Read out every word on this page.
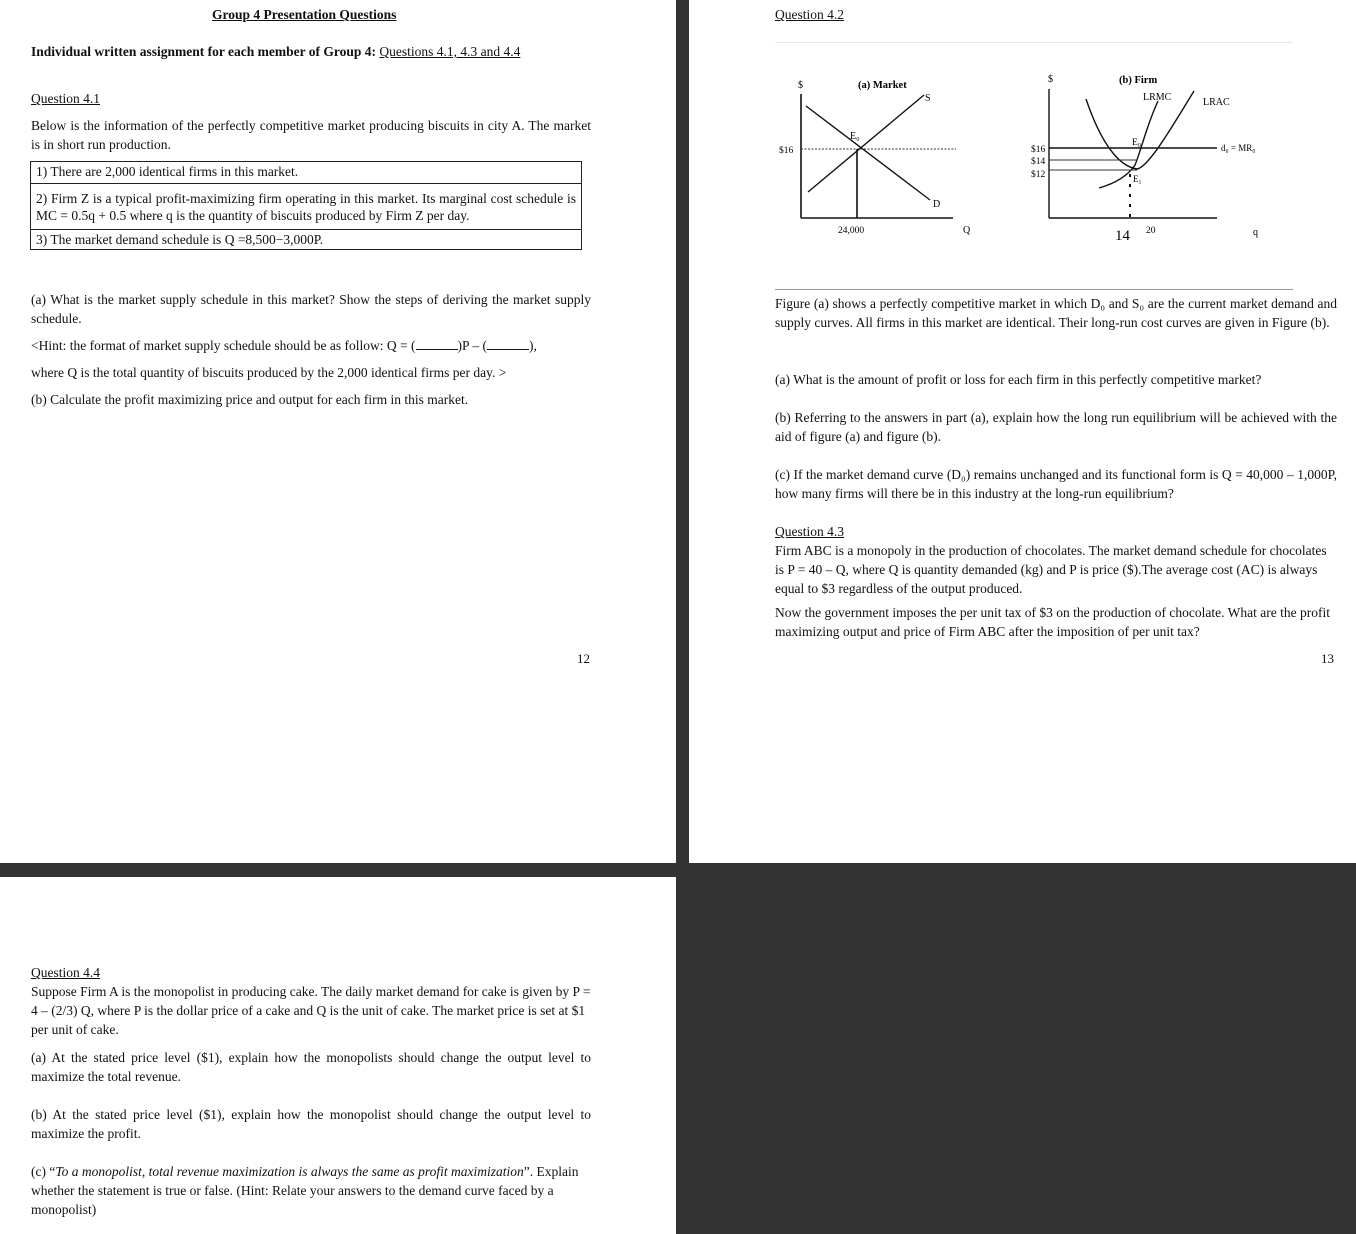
Group 4 Presentation Questions
Individual written assignment for each member of Group 4: Questions 4.1, 4.3 and 4.4
Question 4.1
Below is the information of the perfectly competitive market producing biscuits in city A. The market is in short run production.
1) There are 2,000 identical firms in this market.
2) Firm Z is a typical profit-maximizing firm operating in this market. Its marginal cost schedule is MC = 0.5q + 0.5 where q is the quantity of biscuits produced by Firm Z per day.
3) The market demand schedule is Q =8,500−3,000P.
(a) What is the market supply schedule in this market? Show the steps of deriving the market supply schedule.
<Hint: the format of market supply schedule should be as follow: Q = (	)P – (	),
where Q is the total quantity of biscuits produced by the 2,000 identical firms per day. >
(b) Calculate the profit maximizing price and output for each firm in this market.
12
Question 4.2
$	(a) Market
S
D
E₀
$16
24,000	Q
$	(b) Firm
LRMC	LRAC
d₀ = MR₀
E₀
E₁
$16
$14
$12
14 20	q
Figure (a) shows a perfectly competitive market in which D₀ and S₀ are the current market demand and supply curves. All firms in this market are identical. Their long-run cost curves are given in Figure (b).
(a) What is the amount of profit or loss for each firm in this perfectly competitive market?
(b) Referring to the answers in part (a), explain how the long run equilibrium will be achieved with the aid of figure (a) and figure (b).
(c) If the market demand curve (D₀) remains unchanged and its functional form is Q = 40,000 – 1,000P, how many firms will there be in this industry at the long-run equilibrium?
Question 4.3
Firm ABC is a monopoly in the production of chocolates. The market demand schedule for chocolates is P = 40 – Q, where Q is quantity demanded (kg) and P is price ($).The average cost (AC) is always equal to $3 regardless of the output produced.
Now the government imposes the per unit tax of $3 on the production of chocolate. What are the profit maximizing output and price of Firm ABC after the imposition of per unit tax?
13
Question 4.4
Suppose Firm A is the monopolist in producing cake. The daily market demand for cake is given by P = 4 – (2/3) Q, where P is the dollar price of a cake and Q is the unit of cake. The market price is set at $1 per unit of cake.
(a) At the stated price level ($1), explain how the monopolists should change the output level to maximize the total revenue.
(b) At the stated price level ($1), explain how the monopolist should change the output level to maximize the profit.
(c) “To a monopolist, total revenue maximization is always the same as profit maximization”. Explain whether the statement is true or false. (Hint: Relate your answers to the demand curve faced by a monopolist)
